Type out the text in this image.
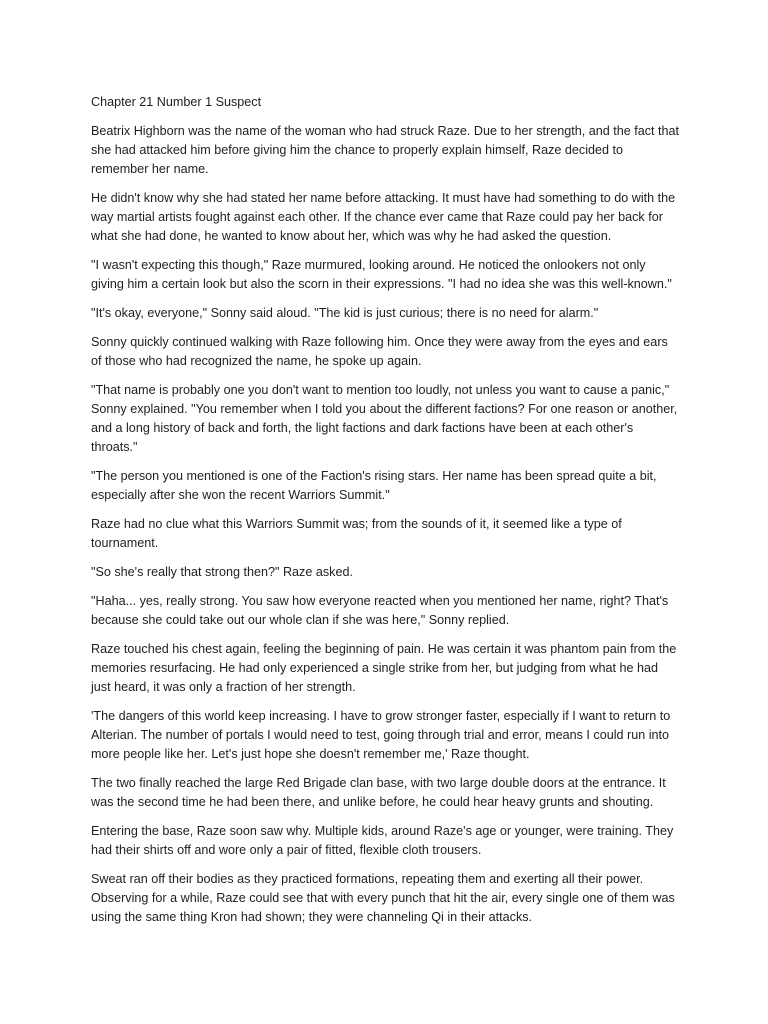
Chapter 21 Number 1 Suspect

Beatrix Highborn was the name of the woman who had struck Raze. Due to her strength, and the fact that she had attacked him before giving him the chance to properly explain himself, Raze decided to remember her name.

He didn't know why she had stated her name before attacking. It must have had something to do with the way martial artists fought against each other. If the chance ever came that Raze could pay her back for what she had done, he wanted to know about her, which was why he had asked the question.

"I wasn't expecting this though," Raze murmured, looking around. He noticed the onlookers not only giving him a certain look but also the scorn in their expressions. "I had no idea she was this well-known."

"It's okay, everyone," Sonny said aloud. "The kid is just curious; there is no need for alarm."

Sonny quickly continued walking with Raze following him. Once they were away from the eyes and ears of those who had recognized the name, he spoke up again.

"That name is probably one you don't want to mention too loudly, not unless you want to cause a panic," Sonny explained. "You remember when I told you about the different factions? For one reason or another, and a long history of back and forth, the light factions and dark factions have been at each other's throats."

"The person you mentioned is one of the Faction's rising stars. Her name has been spread quite a bit, especially after she won the recent Warriors Summit."

Raze had no clue what this Warriors Summit was; from the sounds of it, it seemed like a type of tournament.

"So she's really that strong then?" Raze asked.

"Haha... yes, really strong. You saw how everyone reacted when you mentioned her name, right? That's because she could take out our whole clan if she was here," Sonny replied.

Raze touched his chest again, feeling the beginning of pain. He was certain it was phantom pain from the memories resurfacing. He had only experienced a single strike from her, but judging from what he had just heard, it was only a fraction of her strength.

'The dangers of this world keep increasing. I have to grow stronger faster, especially if I want to return to Alterian. The number of portals I would need to test, going through trial and error, means I could run into more people like her. Let's just hope she doesn't remember me,' Raze thought.

The two finally reached the large Red Brigade clan base, with two large double doors at the entrance. It was the second time he had been there, and unlike before, he could hear heavy grunts and shouting.

Entering the base, Raze soon saw why. Multiple kids, around Raze's age or younger, were training. They had their shirts off and wore only a pair of fitted, flexible cloth trousers.

Sweat ran off their bodies as they practiced formations, repeating them and exerting all their power. Observing for a while, Raze could see that with every punch that hit the air, every single one of them was using the same thing Kron had shown; they were channeling Qi in their attacks.
